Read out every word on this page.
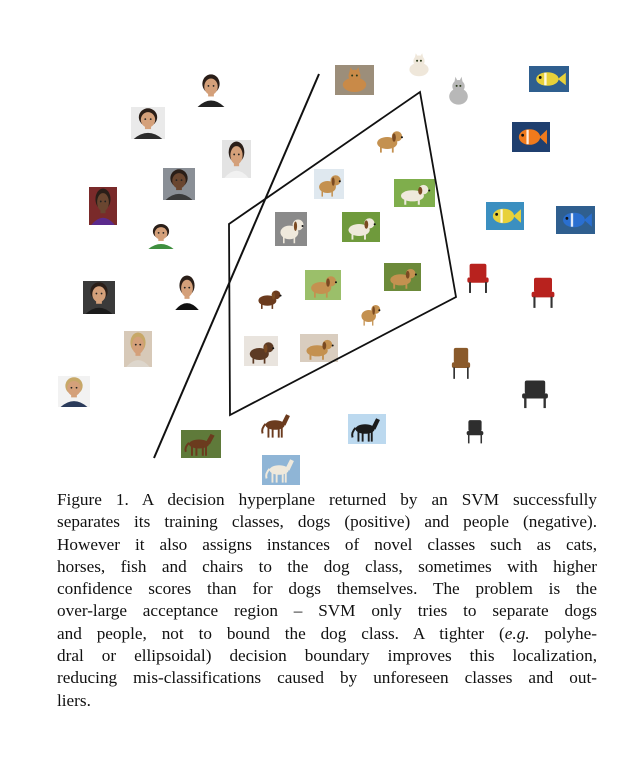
Figure 1. A decision hyperplane returned by an SVM successfully
separates its training classes, dogs (positive) and people (negative).
However it also assigns instances of novel classes such as cats,
horses, fish and chairs to the dog class, sometimes with higher
confidence scores than for dogs themselves. The problem is the
over-large acceptance region – SVM only tries to separate dogs
and people, not to bound the dog class. A tighter (e.g. polyhe-
dral or ellipsoidal) decision boundary improves this localization,
reducing mis-classifications caused by unforeseen classes and out-
liers.
